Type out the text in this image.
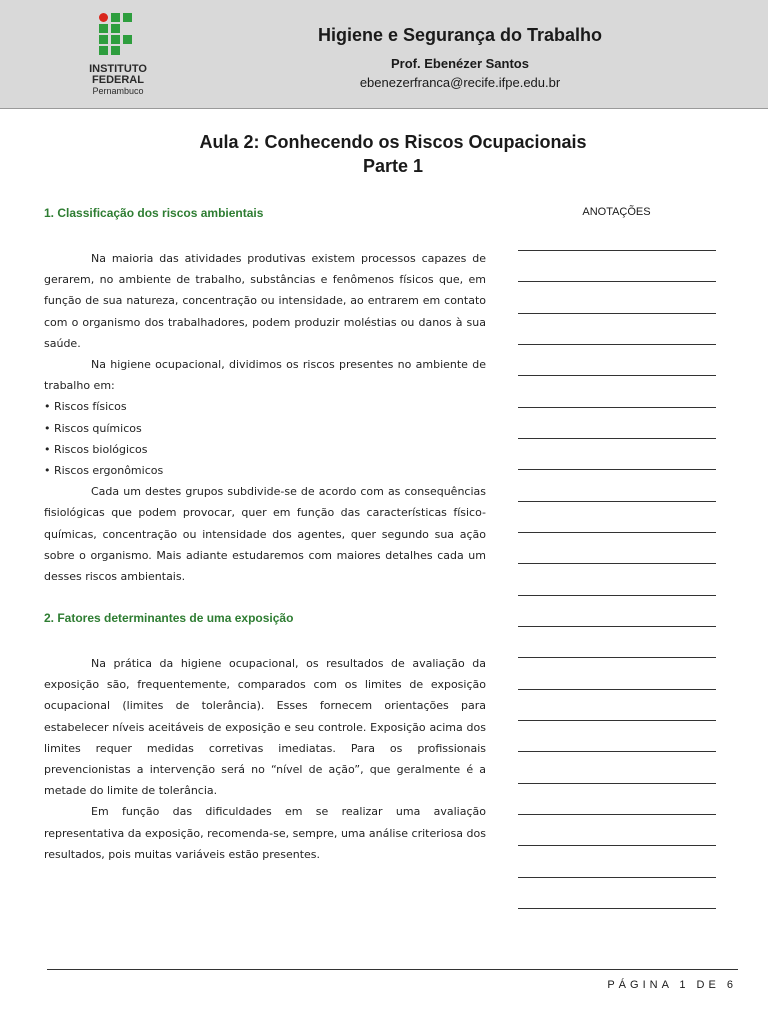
INSTITUTO
FEDERAL
Pernambuco
Higiene e Segurança do Trabalho
Prof. Ebenézer Santos
ebenezerfranca@recife.ifpe.edu.br
Aula 2: Conhecendo os Riscos Ocupacionais
Parte 1
1. Classificação dos riscos ambientais

Na maioria das atividades produtivas existem processos capazes de gerarem, no ambiente de trabalho, substâncias e fenômenos físicos que, em função de sua natureza, concentração ou intensidade, ao entrarem em contato com o organismo dos trabalhadores, podem produzir moléstias ou danos à sua saúde.

Na higiene ocupacional, dividimos os riscos presentes no ambiente de trabalho em:

• Riscos físicos

• Riscos químicos

• Riscos biológicos

• Riscos ergonômicos

Cada um destes grupos subdivide-se de acordo com as consequências fisiológicas que podem provocar, quer em função das características físico-químicas, concentração ou intensidade dos agentes, quer segundo sua ação sobre o organismo. Mais adiante estudaremos com maiores detalhes cada um desses riscos ambientais.

2. Fatores determinantes de uma exposição

Na prática da higiene ocupacional, os resultados de avaliação da exposição são, frequentemente, comparados com os limites de exposição ocupacional (limites de tolerância). Esses fornecem orientações para estabelecer níveis aceitáveis de exposição e seu controle. Exposição acima dos limites requer medidas corretivas imediatas. Para os profissionais prevencionistas a intervenção será no “nível de ação”, que geralmente é a metade do limite de tolerância.

Em função das dificuldades em se realizar uma avaliação representativa da exposição, recomenda-se, sempre, uma análise criteriosa dos resultados, pois muitas variáveis estão presentes.

ANOTAÇÕES
PÁGINA 1 DE 6
